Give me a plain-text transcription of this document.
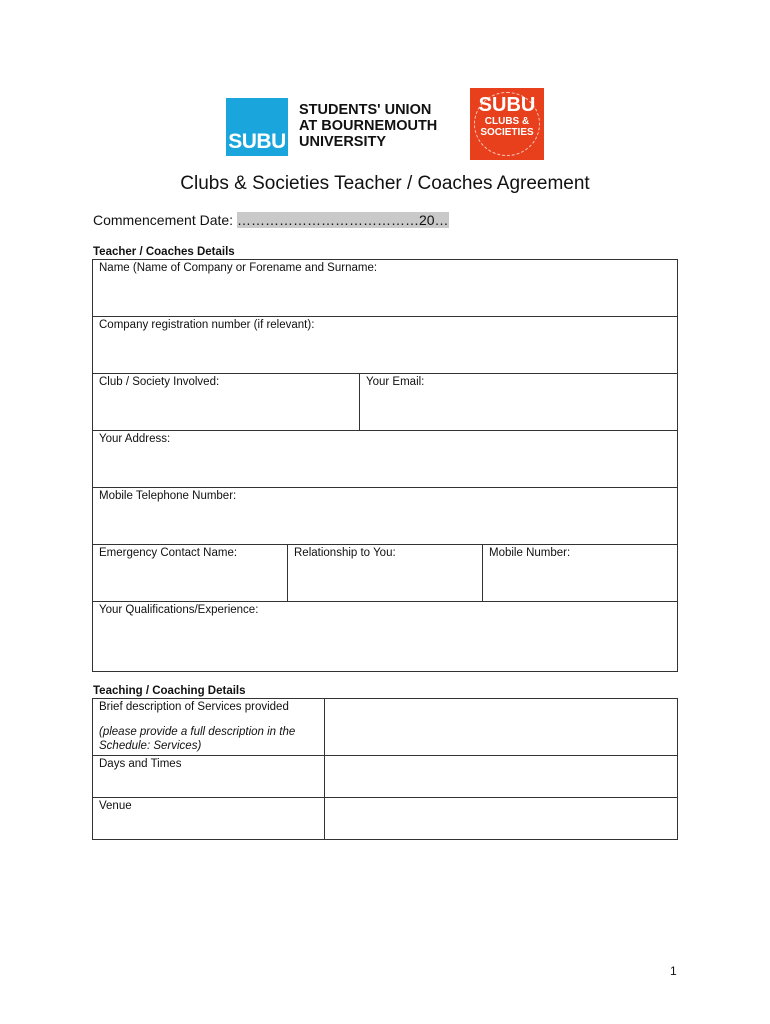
SUBU
STUDENTS' UNION
AT BOURNEMOUTH
UNIVERSITY
SUBU
CLUBS &
SOCIETIES
Clubs & Societies Teacher / Coaches Agreement
Commencement Date: …………………………………20…
Teacher / Coaches Details
Name (Name of Company or Forename and Surname:			
Company registration number (if relevant):			
Club / Society Involved:		Your Email:	
Your Address:			
Mobile Telephone Number:			
Emergency Contact Name:	Relationship to You:		Mobile Number:
Your Qualifications/Experience:			
Teaching / Coaching Details
Brief description of Services provided
(please provide a full description in the Schedule: Services)	

Days and Times	
Venue	
1
